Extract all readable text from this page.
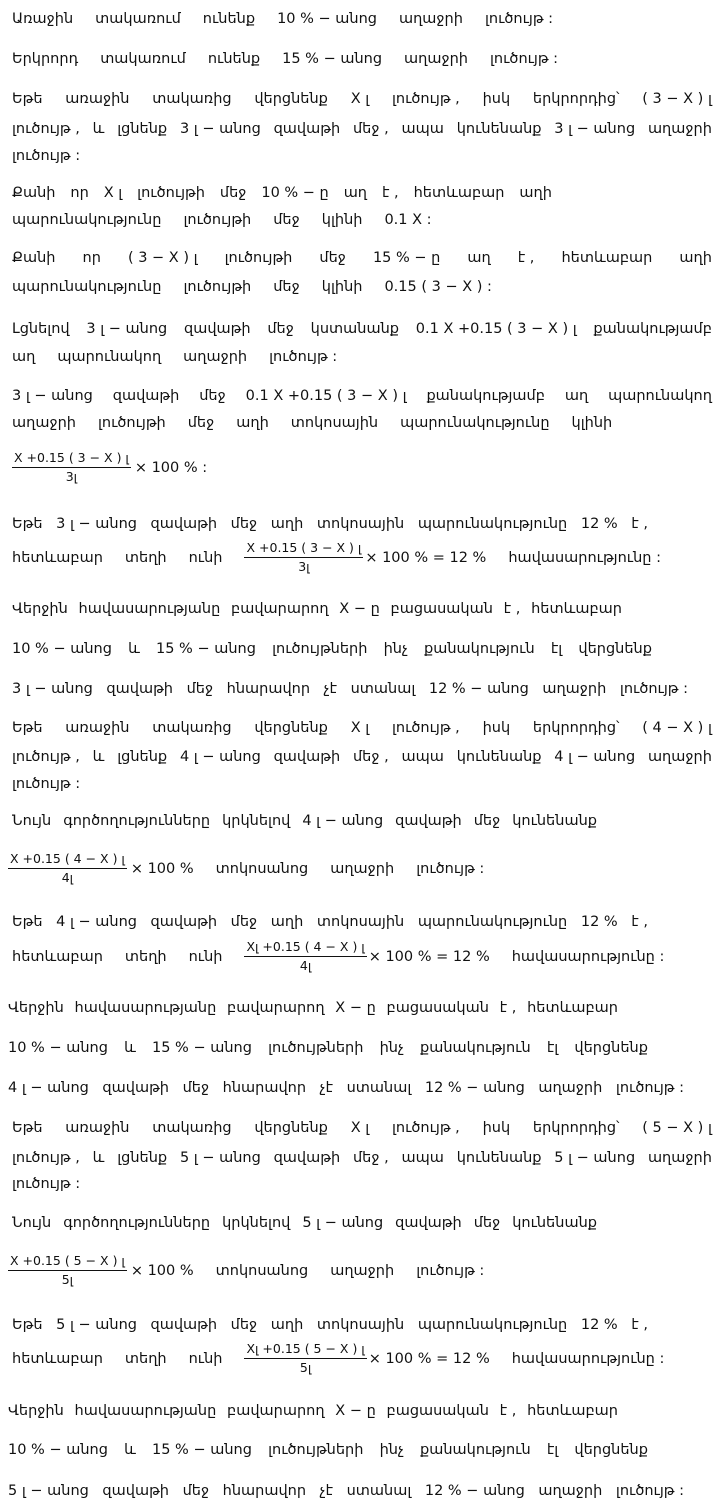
Առաջին տակառում ունենք 10 % − անոց աղաջրի լուծույթ :
Երկրորդ տակառում ունենք 15 % − անոց աղաջրի լուծույթ :
Եթե առաջին տակառից վերցնենք X լ լուծույթ , իսկ երկրորդից՝ ( 3 − X ) լ
լուծույթ , և լցնենք 3 լ − անոց զավաթի մեջ , ապա կունենանք 3 լ − անոց աղաջրի
լուծույթ :
Քանի որ X լ լուծույթի մեջ 10 % − ը աղ է , հետևաբար աղի
պարունակությունը լուծույթի մեջ կլինի 0.1 X :
Քանի որ ( 3 − X ) լ լուծույթի մեջ 15 % − ը աղ է , հետևաբար աղի
պարունակությունը լուծույթի մեջ կլինի 0.15 ( 3 − X ) :
Լցնելով 3 լ − անոց զավաթի մեջ կստանանք 0.1 X +0.15 ( 3 − X ) լ քանակությամբ
աղ պարունակող աղաջրի լուծույթ :
3 լ − անոց զավաթի մեջ 0.1 X +0.15 ( 3 − X ) լ քանակությամբ աղ պարունակող
աղաջրի լուծույթի մեջ աղի տոկոսային պարունակությունը կլինի
$\frac{\text{X +0.15 ( 3 − X ) լ}}{\text{3լ}} \times 100$ % :
Եթե 3 լ − անոց զավաթի մեջ աղի տոկոսային պարունակությունը 12 % է ,
հետևաբար տեղի ունի $\frac{\text{X +0.15 ( 3 − X ) լ}}{\text{3լ}} \times 100$ % = 12 % հավասարությունը :
Վերջին հավասարությանը բավարարող X − ը բացասական է , հետևաբար
10 % − անոց և 15 % − անոց լուծույթների ինչ քանակություն էլ վերցնենք
3 լ − անոց զավաթի մեջ հնարավոր չէ ստանալ 12 % − անոց աղաջրի լուծույթ :
Եթե առաջին տակառից վերցնենք X լ լուծույթ , իսկ երկրորդից՝ ( 4 − X ) լ
լուծույթ , և լցնենք 4 լ − անոց զավաթի մեջ , ապա կունենանք 4 լ − անոց աղաջրի
լուծույթ :
Նույն գործողությունները կրկնելով 4 լ − անոց զավաթի մեջ կունենանք
$\frac{\text{X +0.15 ( 4 − X ) լ}}{\text{4լ}} \times 100$ % տոկոսանոց աղաջրի լուծույթ :
Եթե 4 լ − անոց զավաթի մեջ աղի տոկոսային պարունակությունը 12 % է ,
հետևաբար տեղի ունի $\frac{\text{Xլ +0.15 ( 4 − X ) լ}}{\text{4լ}} \times 100$ % = 12 % հավասարությունը :
Վերջին հավասարությանը բավարարող X − ը բացասական է , հետևաբար
10 % − անոց և 15 % − անոց լուծույթների ինչ քանակություն էլ վերցնենք
4 լ − անոց զավաթի մեջ հնարավոր չէ ստանալ 12 % − անոց աղաջրի լուծույթ :
Եթե առաջին տակառից վերցնենք X լ լուծույթ , իսկ երկրորդից՝ ( 5 − X ) լ
լուծույթ , և լցնենք 5 լ − անոց զավաթի մեջ , ապա կունենանք 5 լ − անոց աղաջրի
լուծույթ :
Նույն գործողությունները կրկնելով 5 լ − անոց զավաթի մեջ կունենանք
$\frac{\text{X +0.15 ( 5 − X ) լ}}{\text{5լ}} \times 100$ % տոկոսանոց աղաջրի լուծույթ :
Եթե 5 լ − անոց զավաթի մեջ աղի տոկոսային պարունակությունը 12 % է ,
հետևաբար տեղի ունի $\frac{\text{Xլ +0.15 ( 5 − X ) լ}}{\text{5լ}} \times 100$ % = 12 % հավասարությունը :
Վերջին հավասարությանը բավարարող X − ը բացասական է , հետևաբար
10 % − անոց և 15 % − անոց լուծույթների ինչ քանակություն էլ վերցնենք
5 լ − անոց զավաթի մեջ հնարավոր չէ ստանալ 12 % − անոց աղաջրի լուծույթ :
